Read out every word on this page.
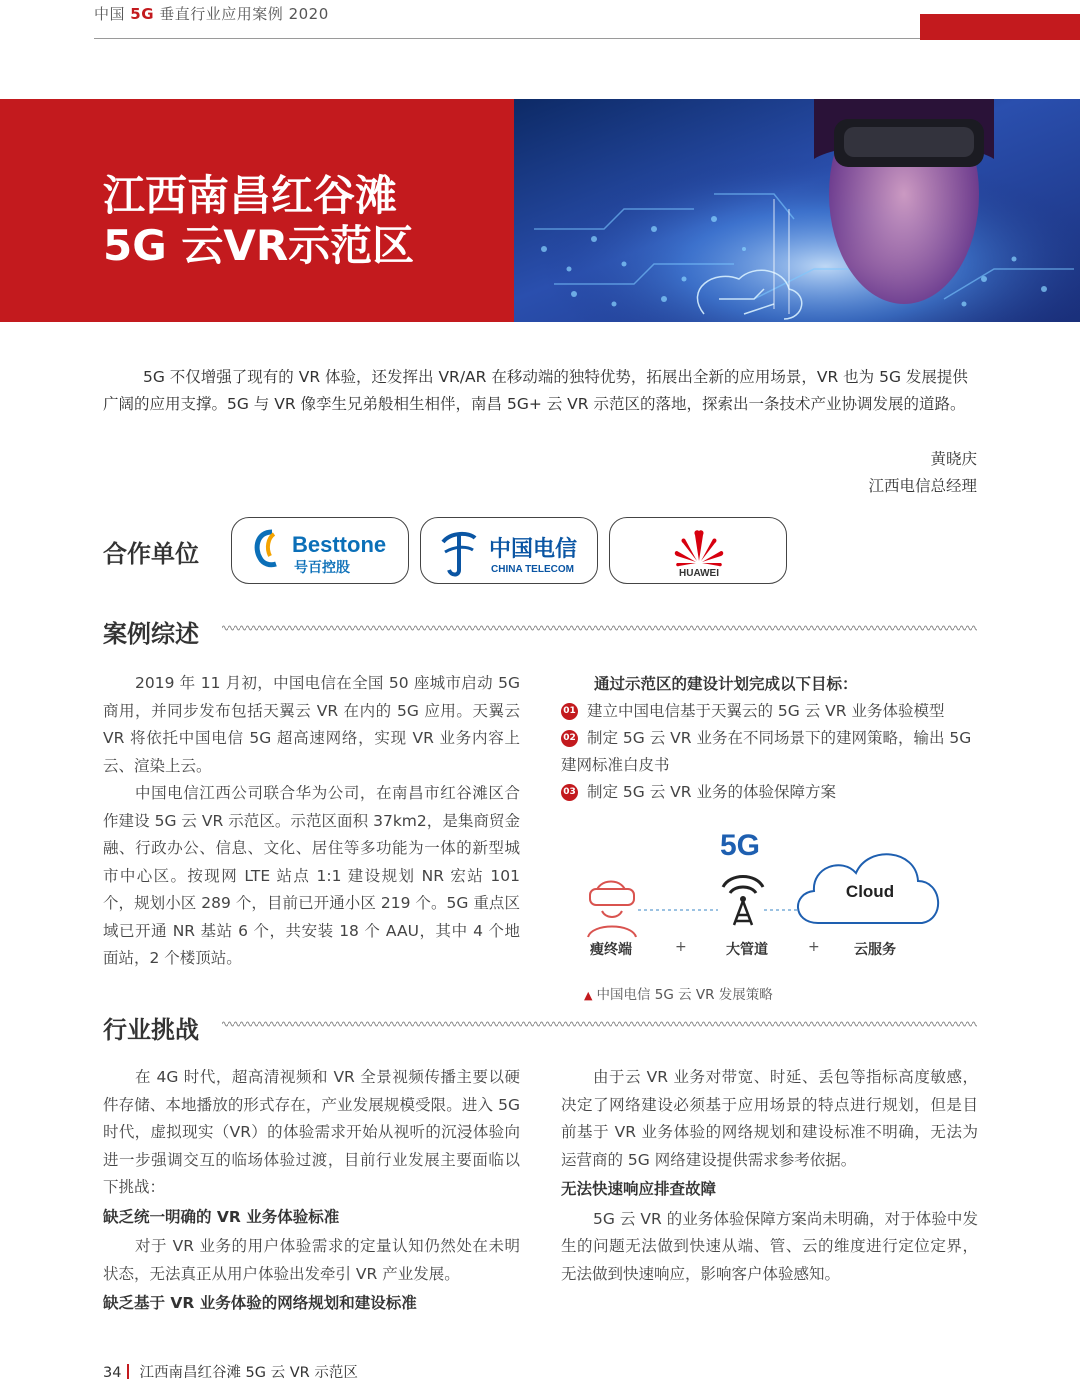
中国 5G 垂直行业应用案例 2020
江西南昌红谷滩
5G 云VR示范区
5G 不仅增强了现有的 VR 体验，还发挥出 VR/AR 在移动端的独特优势，拓展出全新的应用场景，VR 也为 5G 发展提供广阔的应用支撑。5G 与 VR 像孪生兄弟般相生相伴，南昌 5G+ 云 VR 示范区的落地，探索出一条技术产业协调发展的道路。
黄晓庆
江西电信总经理
合作单位	Besttone
号百控股
中国电信
CHINA TELECOM	HUAWEI
案例综述

2019 年 11 月初，中国电信在全国 50 座城市启动 5G 商用，并同步发布包括天翼云 VR 在内的 5G 应用。天翼云 VR 将依托中国电信 5G 超高速网络，实现 VR 业务内容上云、渲染上云。

中国电信江西公司联合华为公司，在南昌市红谷滩区合作建设 5G 云 VR 示范区。示范区面积 37km2，是集商贸金融、行政办公、信息、文化、居住等多功能为一体的新型城市中心区。按现网 LTE 站点 1:1 建设规划 NR 宏站 101 个，规划小区 289 个，目前已开通小区 219 个。5G 重点区域已开通 NR 基站 6 个，共安装 18 个 AAU，其中 4 个地面站，2 个楼顶站。

通过示范区的建设计划完成以下目标：
01 建立中国电信基于天翼云的 5G 云 VR 业务体验模型
02 制定 5G 云 VR 业务在不同场景下的建网策略，输出 5G 建网标准白皮书
03 制定 5G 云 VR 业务的体验保障方案
5G
Cloud
瘦终端	+	大管道	+ 云服务
▲ 中国电信 5G 云 VR 发展策略
行业挑战

在 4G 时代，超高清视频和 VR 全景视频传播主要以硬件存储、本地播放的形式存在，产业发展规模受限。进入 5G 时代，虚拟现实（VR）的体验需求开始从视听的沉浸体验向进一步强调交互的临场体验过渡，目前行业发展主要面临以下挑战：

缺乏统一明确的 VR 业务体验标准

对于 VR 业务的用户体验需求的定量认知仍然处在未明状态，无法真正从用户体验出发牵引 VR 产业发展。

缺乏基于 VR 业务体验的网络规划和建设标准

由于云 VR 业务对带宽、时延、丢包等指标高度敏感，决定了网络建设必须基于应用场景的特点进行规划，但是目前基于 VR 业务体验的网络规划和建设标准不明确，无法为运营商的 5G 网络建设提供需求参考依据。

无法快速响应排查故障

5G 云 VR 的业务体验保障方案尚未明确，对于体验中发生的问题无法做到快速从端、管、云的维度进行定位定界，无法做到快速响应，影响客户体验感知。

34 江西南昌红谷滩 5G 云 VR 示范区
